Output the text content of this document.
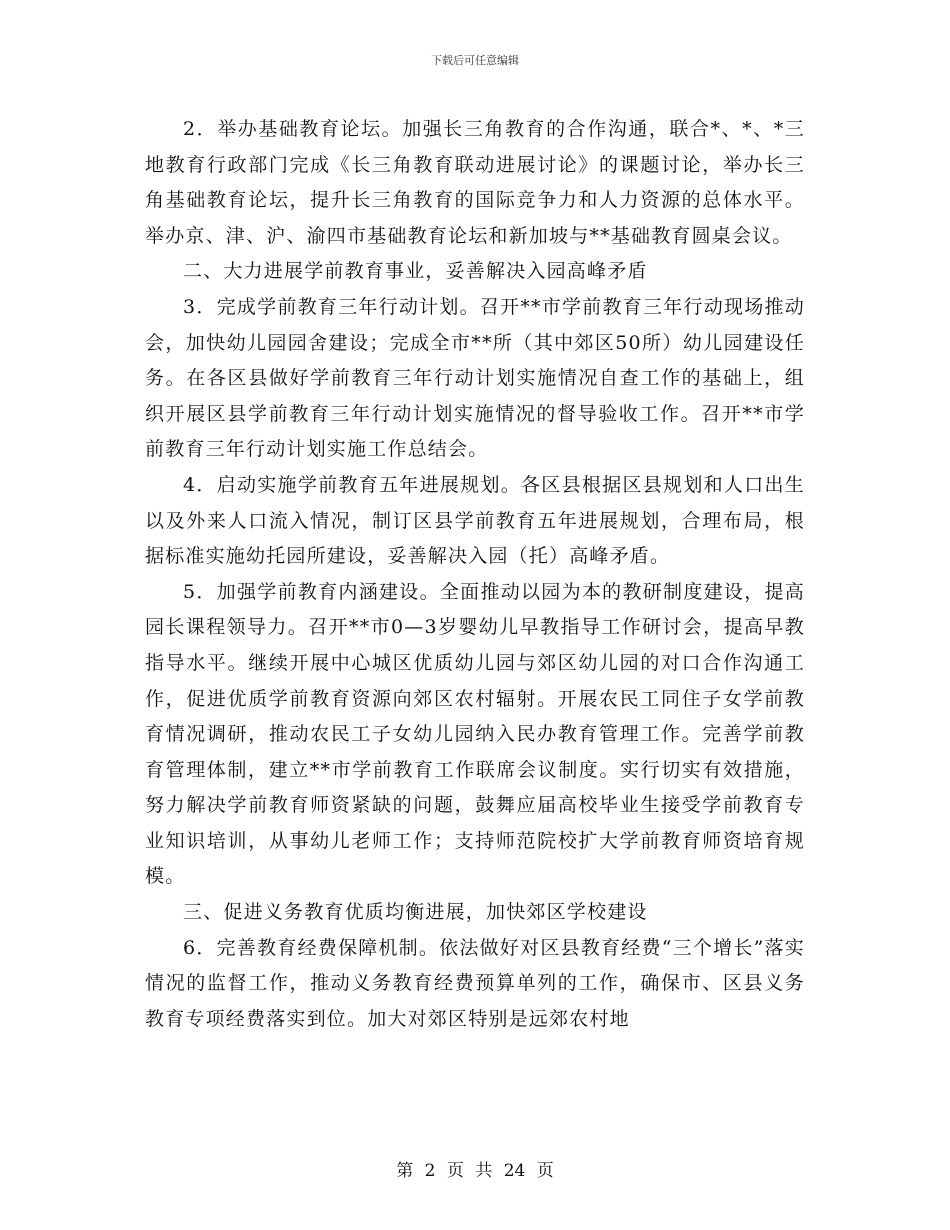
下载后可任意编辑

2．举办基础教育论坛。加强长三角教育的合作沟通，联合*、*、*三地教育行政部门完成《长三角教育联动进展讨论》的课题讨论，举办长三角基础教育论坛，提升长三角教育的国际竞争力和人力资源的总体水平。举办京、津、沪、渝四市基础教育论坛和新加坡与**基础教育圆桌会议。

二、大力进展学前教育事业，妥善解决入园高峰矛盾

3．完成学前教育三年行动计划。召开**市学前教育三年行动现场推动会，加快幼儿园园舍建设；完成全市**所（其中郊区50所）幼儿园建设任务。在各区县做好学前教育三年行动计划实施情况自查工作的基础上，组织开展区县学前教育三年行动计划实施情况的督导验收工作。召开**市学前教育三年行动计划实施工作总结会。

4．启动实施学前教育五年进展规划。各区县根据区县规划和人口出生以及外来人口流入情况，制订区县学前教育五年进展规划，合理布局，根据标准实施幼托园所建设，妥善解决入园（托）高峰矛盾。

5．加强学前教育内涵建设。全面推动以园为本的教研制度建设，提高园长课程领导力。召开**市0—3岁婴幼儿早教指导工作研讨会，提高早教指导水平。继续开展中心城区优质幼儿园与郊区幼儿园的对口合作沟通工作，促进优质学前教育资源向郊区农村辐射。开展农民工同住子女学前教育情况调研，推动农民工子女幼儿园纳入民办教育管理工作。完善学前教育管理体制，建立**市学前教育工作联席会议制度。实行切实有效措施，努力解决学前教育师资紧缺的问题，鼓舞应届高校毕业生接受学前教育专业知识培训，从事幼儿老师工作；支持师范院校扩大学前教育师资培育规模。

三、促进义务教育优质均衡进展，加快郊区学校建设

6．完善教育经费保障机制。依法做好对区县教育经费“三个增长”落实情况的监督工作，推动义务教育经费预算单列的工作，确保市、区县义务教育专项经费落实到位。加大对郊区特别是远郊农村地

第 2 页 共 24 页
